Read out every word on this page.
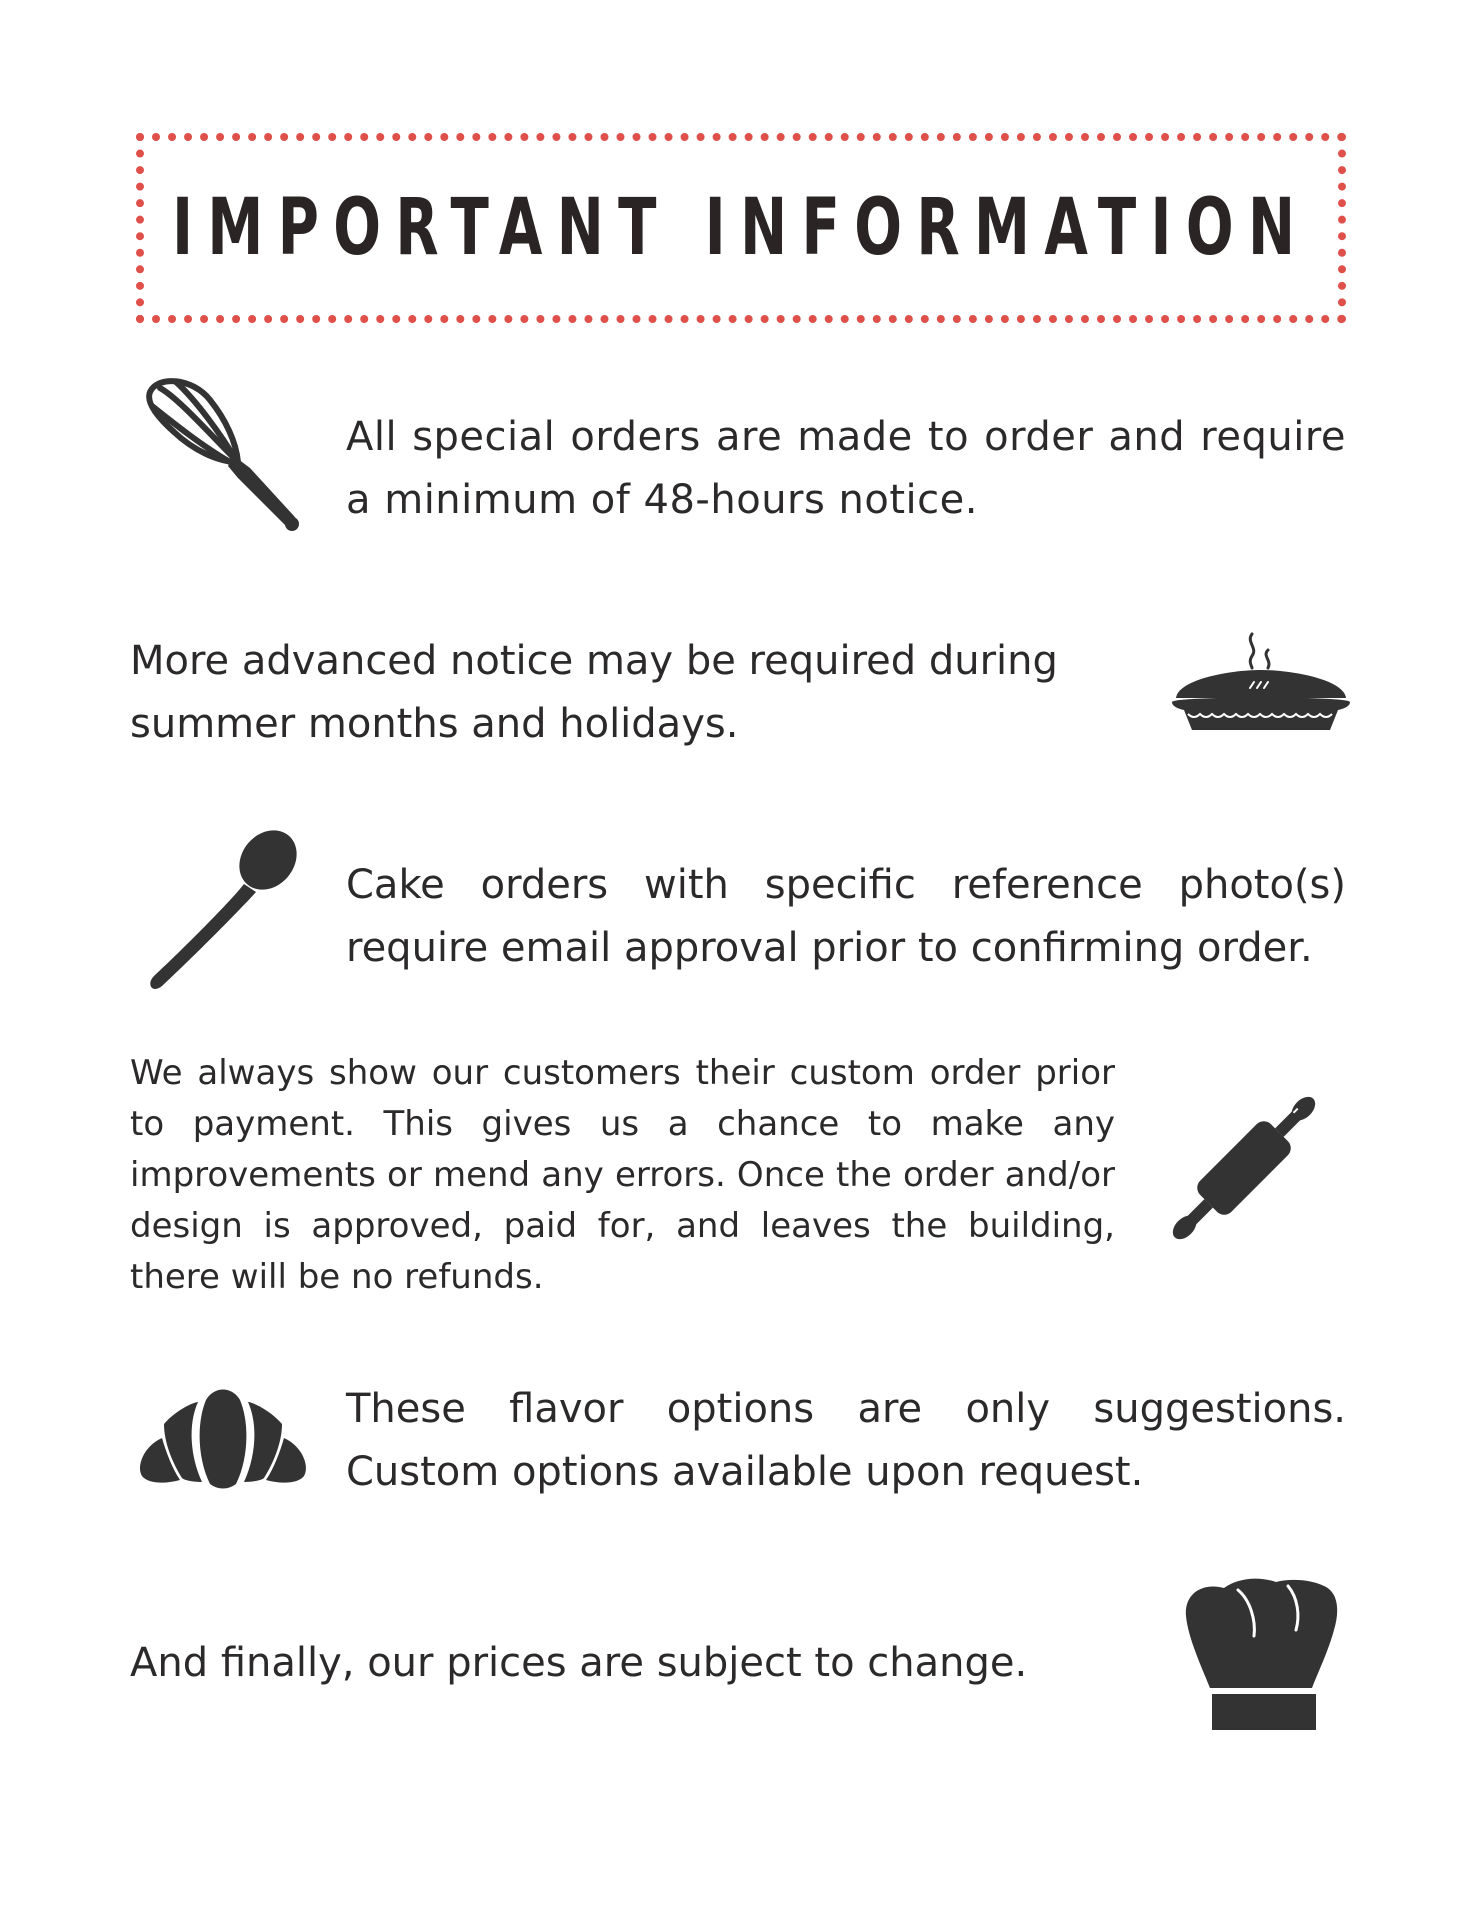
IMPORTANT INFORMATION

All special orders are made to order and require a minimum of 48-hours notice.

More advanced notice may be required during summer months and holidays.

Cake orders with specific reference photo(s) require email approval prior to confirming order.

We always show our customers their custom order prior to payment. This gives us a chance to make any improvements or mend any errors. Once the order and/or design is approved, paid for, and leaves the building, there will be no refunds.

These flavor options are only suggestions. Custom options available upon request.

And finally, our prices are subject to change.
